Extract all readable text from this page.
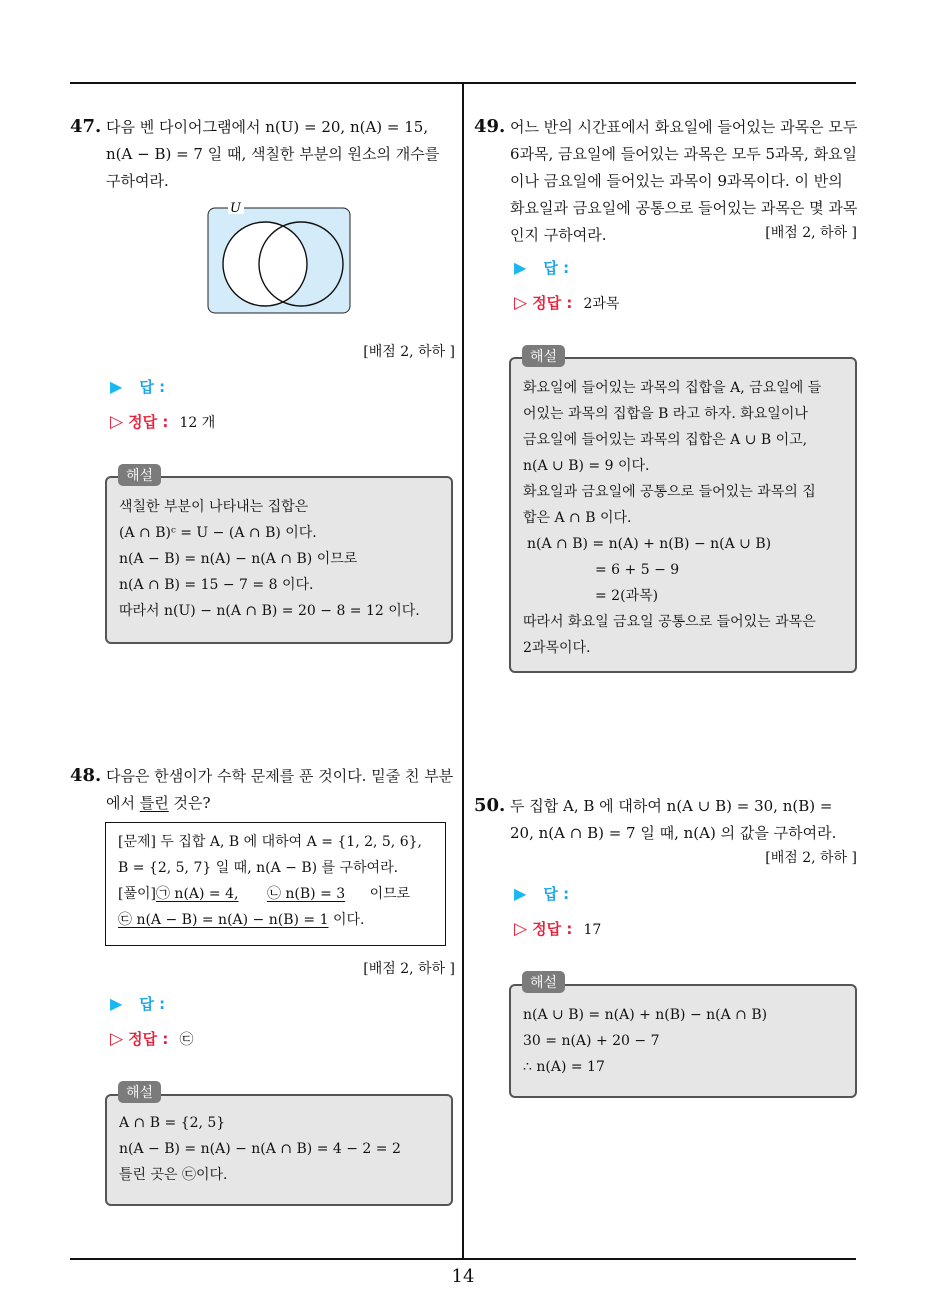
14
47. 다음 벤 다이어그램에서 n(U) = 20, n(A) = 15,
n(A − B) = 7 일 때, 색칠한 부분의 원소의 개수를
구하여라.
U
[배점 2, 하하 ]
▶ 답 :
▷ 정답 : 12 개
색칠한 부분이 나타내는 집합은
(A ∩ B)ᶜ = U − (A ∩ B) 이다.
n(A − B) = n(A) − n(A ∩ B) 이므로
n(A ∩ B) = 15 − 7 = 8 이다.
따라서 n(U) − n(A ∩ B) = 20 − 8 = 12 이다.
해설
48. 다음은 한샘이가 수학 문제를 푼 것이다. 밑줄 친 부분
에서 틀린 것은?
[문제] 두 집합 A, B 에 대하여 A = {1, 2, 5, 6},
B = {2, 5, 7} 일 때, n(A − B) 를 구하여라.
[풀이]㉠ n(A) = 4, ㉡ n(B) = 3 이므로
㉢ n(A − B) = n(A) − n(B) = 1 이다.
[배점 2, 하하 ]
▶ 답 :
▷ 정답 : ㉢
A ∩ B = {2, 5}
n(A − B) = n(A) − n(A ∩ B) = 4 − 2 = 2
틀린 곳은 ㉢이다.
해설
49. 어느 반의 시간표에서 화요일에 들어있는 과목은 모두
6과목, 금요일에 들어있는 과목은 모두 5과목, 화요일
이나 금요일에 들어있는 과목이 9과목이다. 이 반의
화요일과 금요일에 공통으로 들어있는 과목은 몇 과목
인지 구하여라.	[배점 2, 하하 ]
▶ 답 :
▷ 정답 : 2과목
화요일에 들어있는 과목의 집합을 A, 금요일에 들
어있는 과목의 집합을 B 라고 하자. 화요일이나
금요일에 들어있는 과목의 집합은 A ∪ B 이고,
n(A ∪ B) = 9 이다.
화요일과 금요일에 공통으로 들어있는 과목의 집
합은 A ∩ B 이다.
n(A ∩ B) = n(A) + n(B) − n(A ∪ B)
= 6 + 5 − 9
= 2(과목)
따라서 화요일 금요일 공통으로 들어있는 과목은
2과목이다.
해설
50. 두 집합 A, B 에 대하여 n(A ∪ B) = 30, n(B) =
20, n(A ∩ B) = 7 일 때, n(A) 의 값을 구하여라.
[배점 2, 하하 ]
▶ 답 :
▷ 정답 : 17
n(A ∪ B) = n(A) + n(B) − n(A ∩ B)
30 = n(A) + 20 − 7
∴ n(A) = 17
해설
